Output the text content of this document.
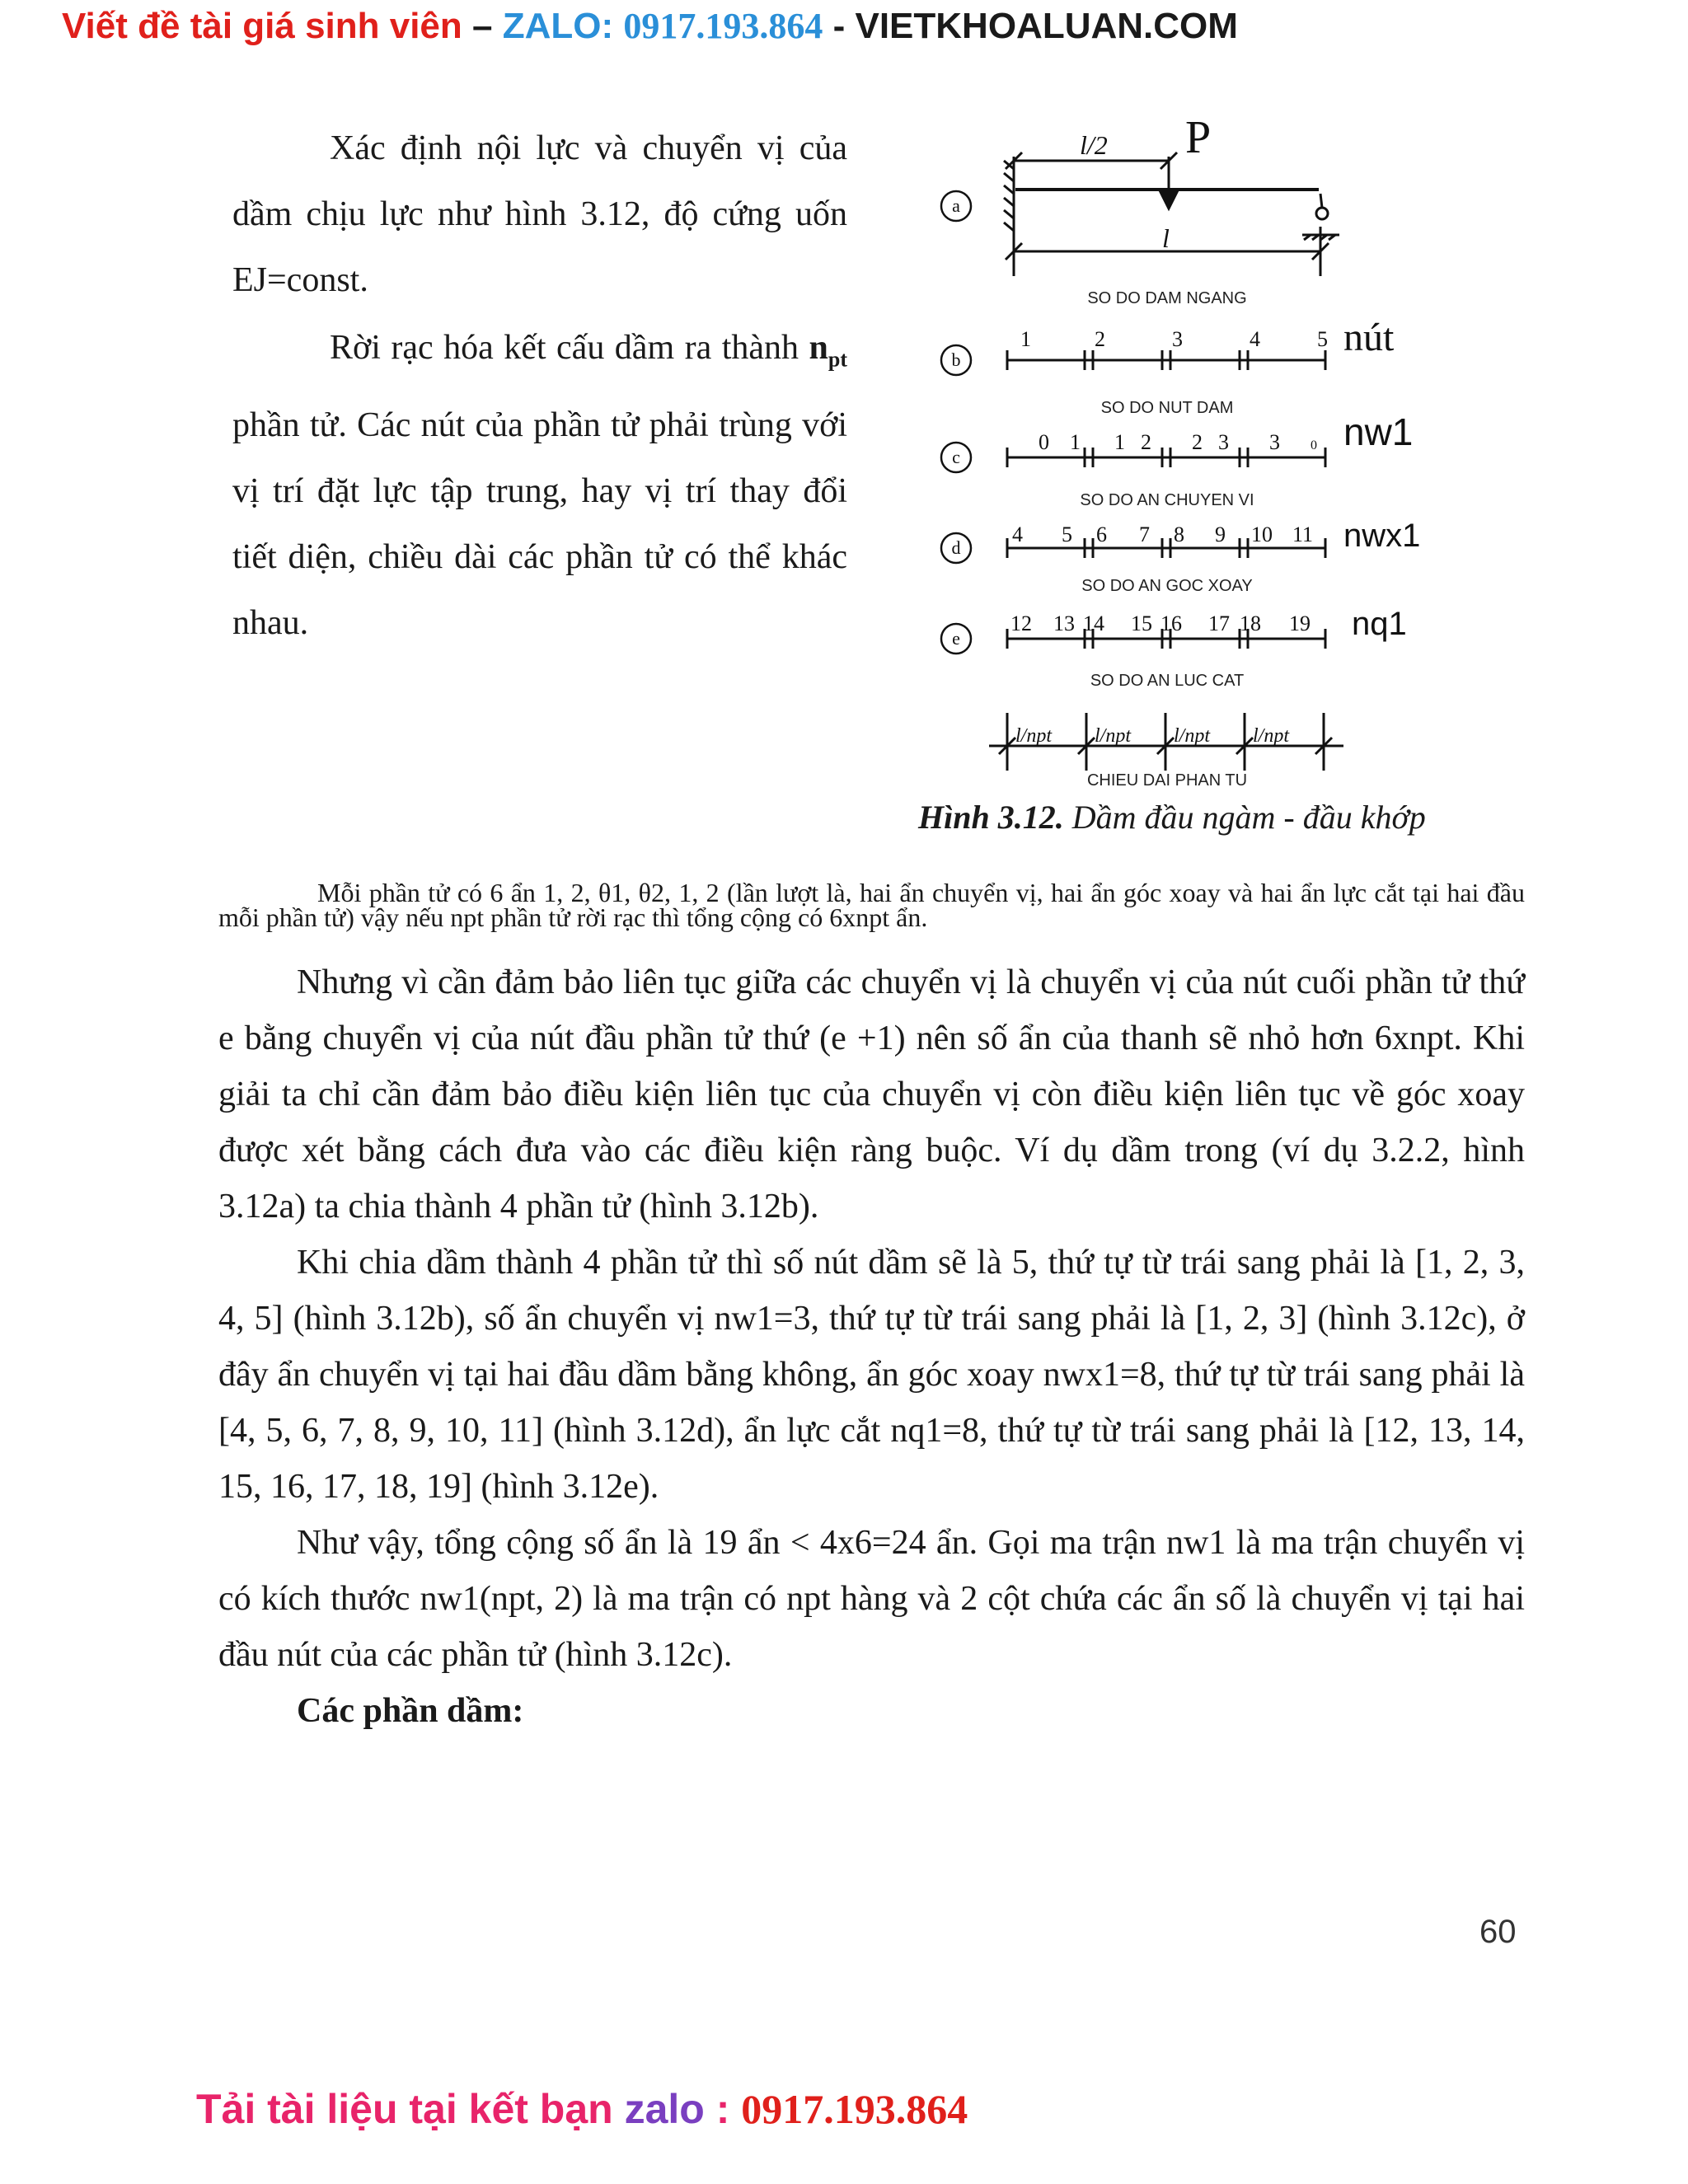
Viết đề tài giá sinh viên – ZALO: 0917.193.864 - VIETKHOALUAN.COM

Xác định nội lực và chuyển vị của dầm chịu lực như hình 3.12, độ cứng uốn EJ=const.

Rời rạc hóa kết cấu dầm ra thành $n_{pt}$ phần tử. Các nút của phần tử phải trùng với vị trí đặt lực tập trung, hay vị trí thay đổi tiết diện, chiều dài các phần tử có thể khác nhau.

a
b
c
d
e
P
l/2
l
1	2	3	4	5 nút
0 1 1 2 2 3 3 0 nw1
nwx1
nq1
4 5 6 7 8 9 10 11
12 13 14 15 16 17 18 19
l/npt l/npt l/npt l/npt
SO DO DAM NGANG
SO DO NUT DAM
SO DO AN CHUYEN VI
SO DO AN GOC XOAY
SO DO AN LUC CAT
CHIEU DAI PHAN TU
Hình 3.12. Dầm đầu ngàm - đầu khớp

Mỗi phần tử có 6 ẩn 1, 2, θ1, θ2, 1, 2 (lần lượt là, hai ẩn chuyển vị, hai ẩn góc xoay và hai ẩn lực cắt tại hai đầu mỗi phần tử) vậy nếu npt phần tử rời rạc thì tổng cộng có 6xnpt ẩn.

Nhưng vì cần đảm bảo liên tục giữa các chuyển vị là chuyển vị của nút cuối phần tử thứ e bằng chuyển vị của nút đầu phần tử thứ (e +1) nên số ẩn của thanh sẽ nhỏ hơn 6xnpt. Khi giải ta chỉ cần đảm bảo điều kiện liên tục của chuyển vị còn điều kiện liên tục về góc xoay được xét bằng cách đưa vào các điều kiện ràng buộc. Ví dụ dầm trong (ví dụ 3.2.2, hình 3.12a) ta chia thành 4 phần tử (hình 3.12b).

Khi chia dầm thành 4 phần tử thì số nút dầm sẽ là 5, thứ tự từ trái sang phải là [1, 2, 3, 4, 5] (hình 3.12b), số ẩn chuyển vị nw1=3, thứ tự từ trái sang phải là [1, 2, 3] (hình 3.12c), ở đây ẩn chuyển vị tại hai đầu dầm bằng không, ẩn góc xoay nwx1=8, thứ tự từ trái sang phải là [4, 5, 6, 7, 8, 9, 10, 11] (hình 3.12d), ẩn lực cắt nq1=8, thứ tự từ trái sang phải là [12, 13, 14, 15, 16, 17, 18, 19] (hình 3.12e).

Như vậy, tổng cộng số ẩn là 19 ẩn < 4x6=24 ẩn. Gọi ma trận nw1 là ma trận chuyển vị có kích thước nw1(npt, 2) là ma trận có npt hàng và 2 cột chứa các ẩn số là chuyển vị tại hai đầu nút của các phần tử (hình 3.12c).

Các phần dầm:

60
Tải tài liệu tại kết bạn zalo : 0917.193.864
